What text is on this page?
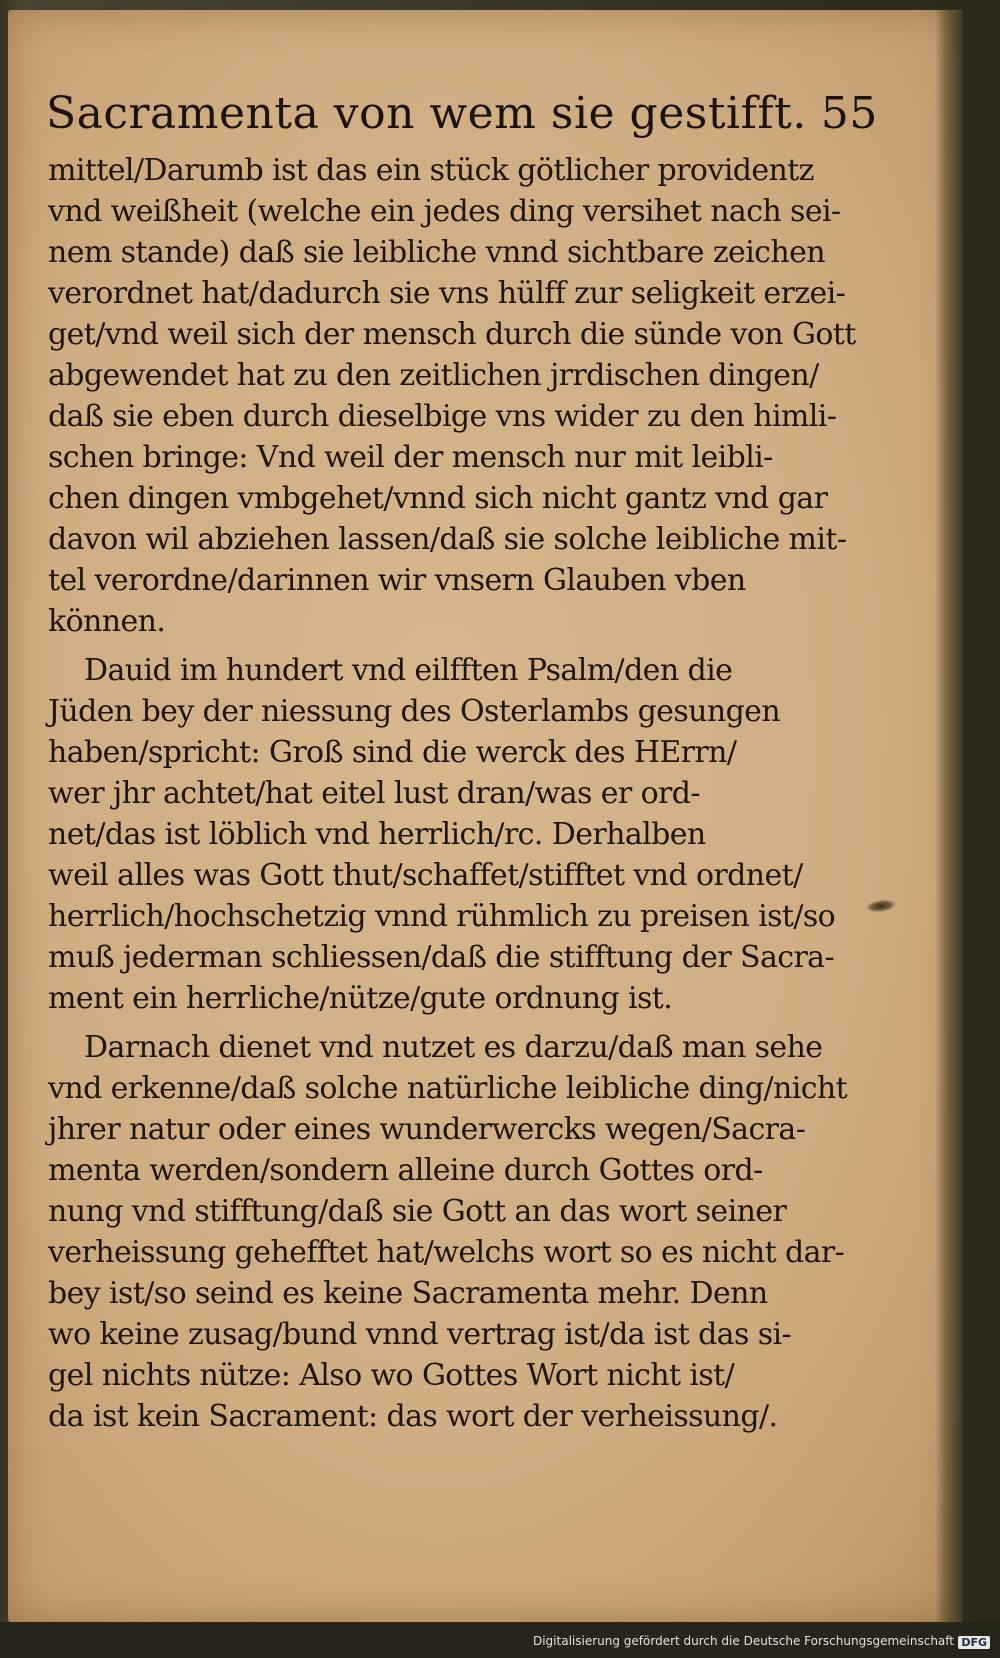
Sacramenta von wem sie gestifft. 55
mittel/Darumb ist das ein stück götlicher providentz
vnd weißheit (welche ein jedes ding versihet nach sei-
nem stande) daß sie leibliche vnnd sichtbare zeichen
verordnet hat/dadurch sie vns hülff zur seligkeit erzei-
get/vnd weil sich der mensch durch die sünde von Gott
abgewendet hat zu den zeitlichen jrrdischen dingen/
daß sie eben durch dieselbige vns wider zu den himli-
schen bringe: Vnd weil der mensch nur mit leibli-
chen dingen vmbgehet/vnnd sich nicht gantz vnd gar
davon wil abziehen lassen/daß sie solche leibliche mit-
tel verordne/darinnen wir vnsern Glauben vben
können.
Dauid im hundert vnd eilfften Psalm/den die
Jüden bey der niessung des Osterlambs gesungen
haben/spricht: Groß sind die werck des HErrn/
wer jhr achtet/hat eitel lust dran/was er ord-
net/das ist löblich vnd herrlich/rc. Derhalben
weil alles was Gott thut/schaffet/stifftet vnd ordnet/
herrlich/hochschetzig vnnd rühmlich zu preisen ist/so
muß jederman schliessen/daß die stifftung der Sacra-
ment ein herrliche/nütze/gute ordnung ist.
Darnach dienet vnd nutzet es darzu/daß man sehe
vnd erkenne/daß solche natürliche leibliche ding/nicht
jhrer natur oder eines wunderwercks wegen/Sacra-
menta werden/sondern alleine durch Gottes ord-
nung vnd stifftung/daß sie Gott an das wort seiner
verheissung gehefftet hat/welchs wort so es nicht dar-
bey ist/so seind es keine Sacramenta mehr. Denn
wo keine zusag/bund vnnd vertrag ist/da ist das si-
gel nichts nütze: Also wo Gottes Wort nicht ist/
da ist kein Sacrament: das wort der verheissung/.
Digitalisierung gefördert durch die Deutsche Forschungsgemeinschaft DFG
